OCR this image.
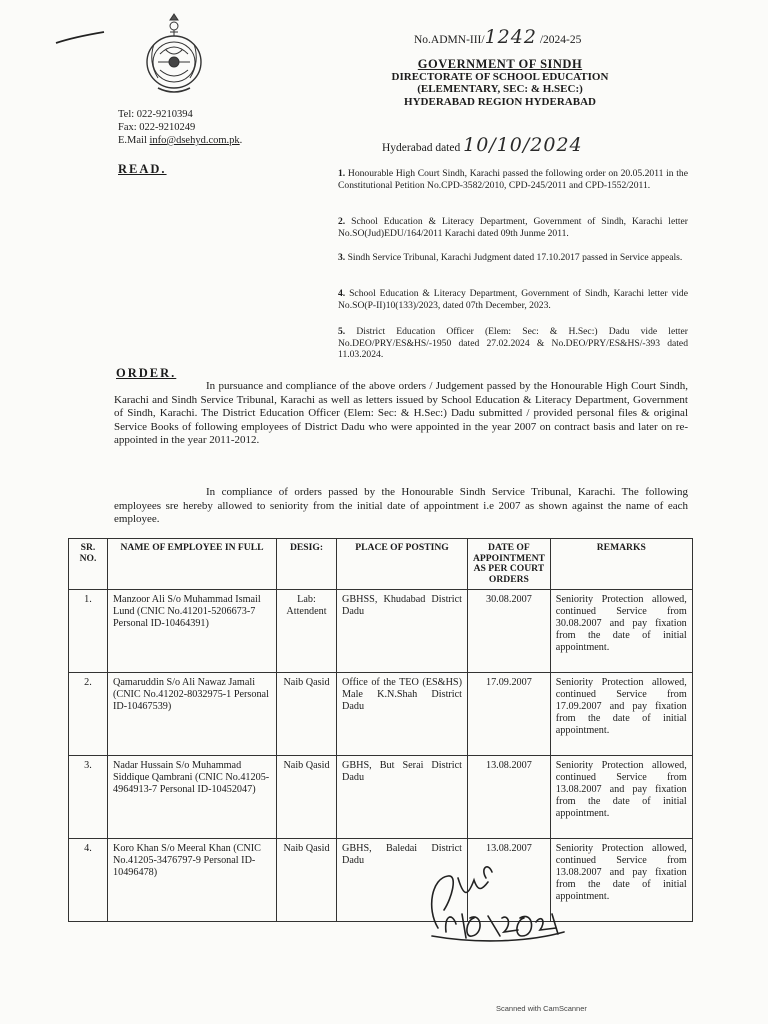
No.ADMN-III/1242 /2024-25
GOVERNMENT OF SINDH
DIRECTORATE OF SCHOOL EDUCATION
(ELEMENTARY, SEC: & H.SEC:)
HYDERABAD REGION HYDERABAD
Tel: 022-9210394
Fax: 022-9210249
E.Mail info@dsehyd.com.pk.
Hyderabad dated 10/10/2024
READ.	1. Honourable High Court Sindh, Karachi passed the following order on 20.05.2011 in the Constitutional Petition No.CPD-3582/2010, CPD-245/2011 and CPD-1552/2011.
2. School Education & Literacy Department, Government of Sindh, Karachi letter No.SO(Jud)EDU/164/2011 Karachi dated 09th Junme 2011.
3. Sindh Service Tribunal, Karachi Judgment dated 17.10.2017 passed in Service appeals.
4. School Education & Literacy Department, Government of Sindh, Karachi letter vide No.SO(P-II)10(133)/2023, dated 07th December, 2023.
5. District Education Officer (Elem: Sec: & H.Sec:) Dadu vide letter No.DEO/PRY/ES&HS/-1950 dated 27.02.2024 & No.DEO/PRY/ES&HS/-393 dated 11.03.2024.
ORDER.
In pursuance and compliance of the above orders / Judgement passed by the Honourable High Court Sindh, Karachi and Sindh Service Tribunal, Karachi as well as letters issued by School Education & Literacy Department, Government of Sindh, Karachi. The District Education Officer (Elem: Sec: & H.Sec:) Dadu submitted / provided personal files & original Service Books of following employees of District Dadu who were appointed in the year 2007 on contract basis and later on re-appointed in the year 2011-2012.
In compliance of orders passed by the Honourable Sindh Service Tribunal, Karachi. The following employees sre hereby allowed to seniority from the initial date of appointment i.e 2007 as shown against the name of each employee.
SR. NO.	NAME OF EMPLOYEE IN FULL	DESIG:	PLACE OF POSTING	DATE OF APPOINTMENT AS PER COURT ORDERS	REMARKS
1.	Manzoor Ali S/o Muhammad Ismail Lund (CNIC No.41201-5206673-7 Personal ID-10464391)	Lab: Attendent	GBHSS, Khudabad District Dadu	30.08.2007	Seniority Protection allowed, continued Service from 30.08.2007 and pay fixation from the date of initial appointment.
2.	Qamaruddin S/o Ali Nawaz Jamali (CNIC No.41202-8032975-1 Personal ID-10467539)	Naib Qasid	Office of the TEO (ES&HS) Male K.N.Shah District Dadu	17.09.2007	Seniority Protection allowed, continued Service from 17.09.2007 and pay fixation from the date of initial appointment.
3.	Nadar Hussain S/o Muhammad Siddique Qambrani (CNIC No.41205-4964913-7 Personal ID-10452047)	Naib Qasid	GBHS, But Serai District Dadu	13.08.2007	Seniority Protection allowed, continued Service from 13.08.2007 and pay fixation from the date of initial appointment.
4.	Koro Khan S/o Meeral Khan (CNIC No.41205-3476797-9 Personal ID-10496478)	Naib Qasid	GBHS, Baledai District Dadu	13.08.2007	Seniority Protection allowed, continued Service from 13.08.2007 and pay fixation from the date of initial appointment.
Scanned with CamScanner
